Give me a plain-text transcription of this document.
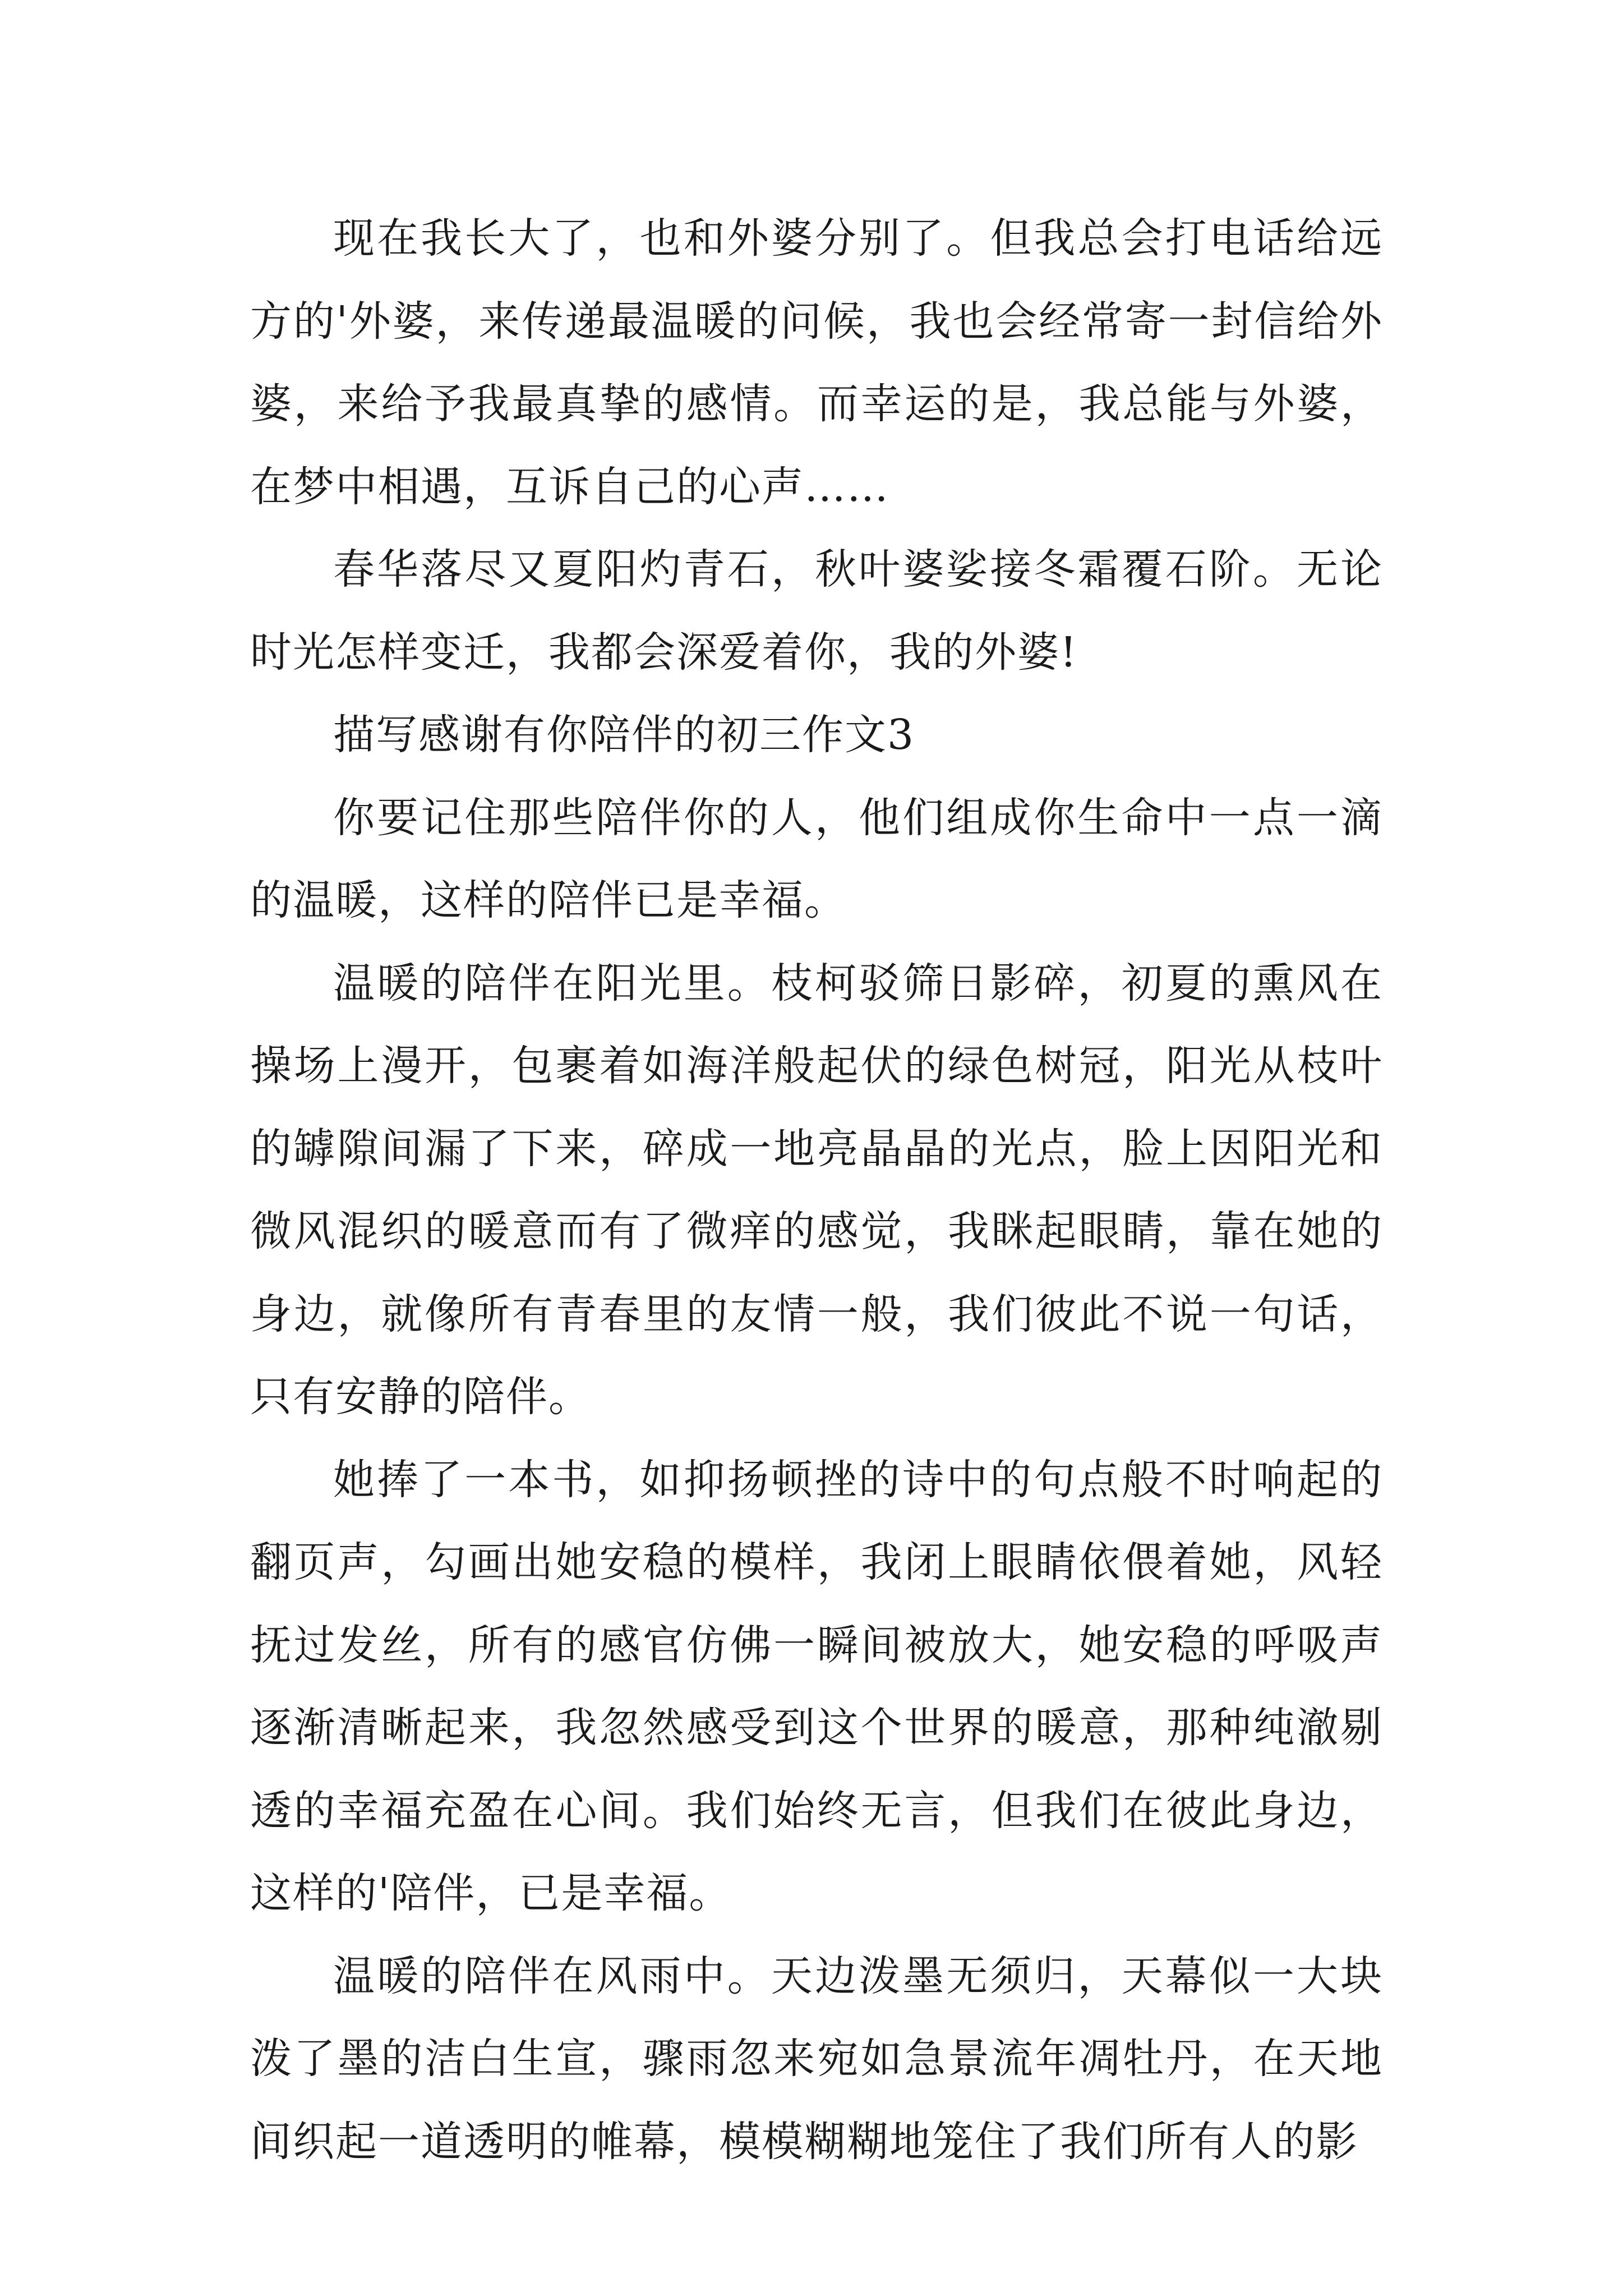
现在我长大了，也和外婆分别了。但我总会打电话给远方的'外婆，来传递最温暖的问候，我也会经常寄一封信给外婆，来给予我最真挚的感情。而幸运的是，我总能与外婆，在梦中相遇，互诉自己的心声……

春华落尽又夏阳灼青石，秋叶婆娑接冬霜覆石阶。无论时光怎样变迁，我都会深爱着你，我的外婆!

描写感谢有你陪伴的初三作文3

你要记住那些陪伴你的人，他们组成你生命中一点一滴的温暖，这样的陪伴已是幸福。

温暖的陪伴在阳光里。枝柯驳筛日影碎，初夏的熏风在操场上漫开，包裹着如海洋般起伏的绿色树冠，阳光从枝叶的罅隙间漏了下来，碎成一地亮晶晶的光点，脸上因阳光和微风混织的暖意而有了微痒的感觉，我眯起眼睛，靠在她的身边，就像所有青春里的友情一般，我们彼此不说一句话，只有安静的陪伴。

她捧了一本书，如抑扬顿挫的诗中的句点般不时响起的翻页声，勾画出她安稳的模样，我闭上眼睛依偎着她，风轻抚过发丝，所有的感官仿佛一瞬间被放大，她安稳的呼吸声逐渐清晰起来，我忽然感受到这个世界的暖意，那种纯澈剔透的幸福充盈在心间。我们始终无言，但我们在彼此身边，这样的'陪伴，已是幸福。

温暖的陪伴在风雨中。天边泼墨无须归，天幕似一大块泼了墨的洁白生宣，骤雨忽来宛如急景流年凋牡丹，在天地间织起一道透明的帷幕，模模糊糊地笼住了我们所有人的影
